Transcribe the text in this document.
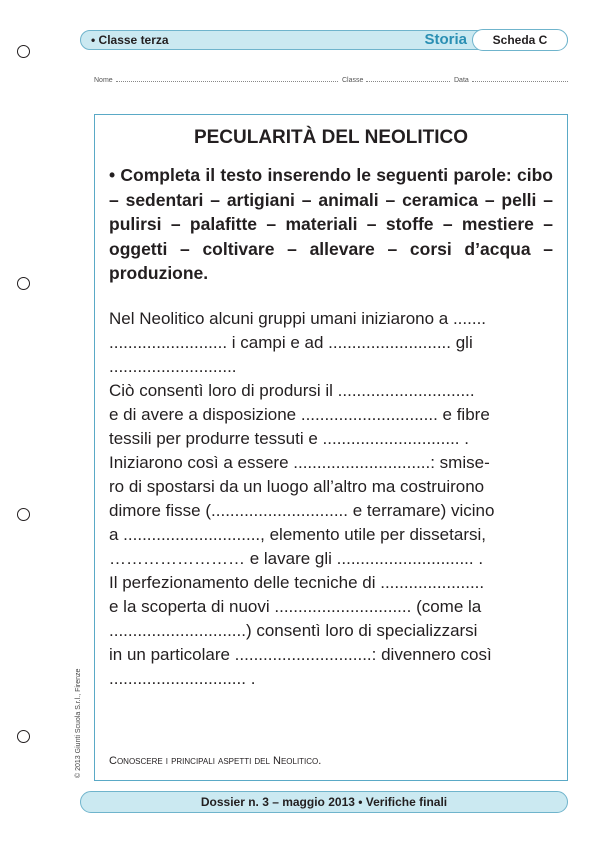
• Classe terza	Storia	Scheda C
Nome	Classe	Data
PECULARITÀ DEL NEOLITICO
• Completa il testo inserendo le seguenti parole: cibo – sedentari – artigiani – animali – ceramica – pelli – pulirsi – palafitte – materiali – stoffe – mestiere – oggetti – coltivare – allevare – corsi d’acqua – produzione.
Nel Neolitico alcuni gruppi umani iniziarono a .......
......................... i campi e ad .......................... gli
...........................
Ciò consentì loro di prodursi il .............................
e di avere a disposizione ............................. e fibre
tessili per produrre tessuti e ............................. .
Iniziarono così a essere .............................: smise-
ro di spostarsi da un luogo all’altro ma costruirono
dimore fisse (............................. e terramare) vicino
a ............................., elemento utile per dissetarsi,
…………………… e lavare gli ............................. .
Il perfezionamento delle tecniche di ......................
e la scoperta di nuovi ............................. (come la
.............................) consentì loro di specializzarsi
in un particolare .............................: divennero così
............................. .
Conoscere i principali aspetti del Neolitico.
© 2013 Giunti Scuola S.r.l., Firenze
Dossier n. 3 – maggio 2013 • Verifiche finali
